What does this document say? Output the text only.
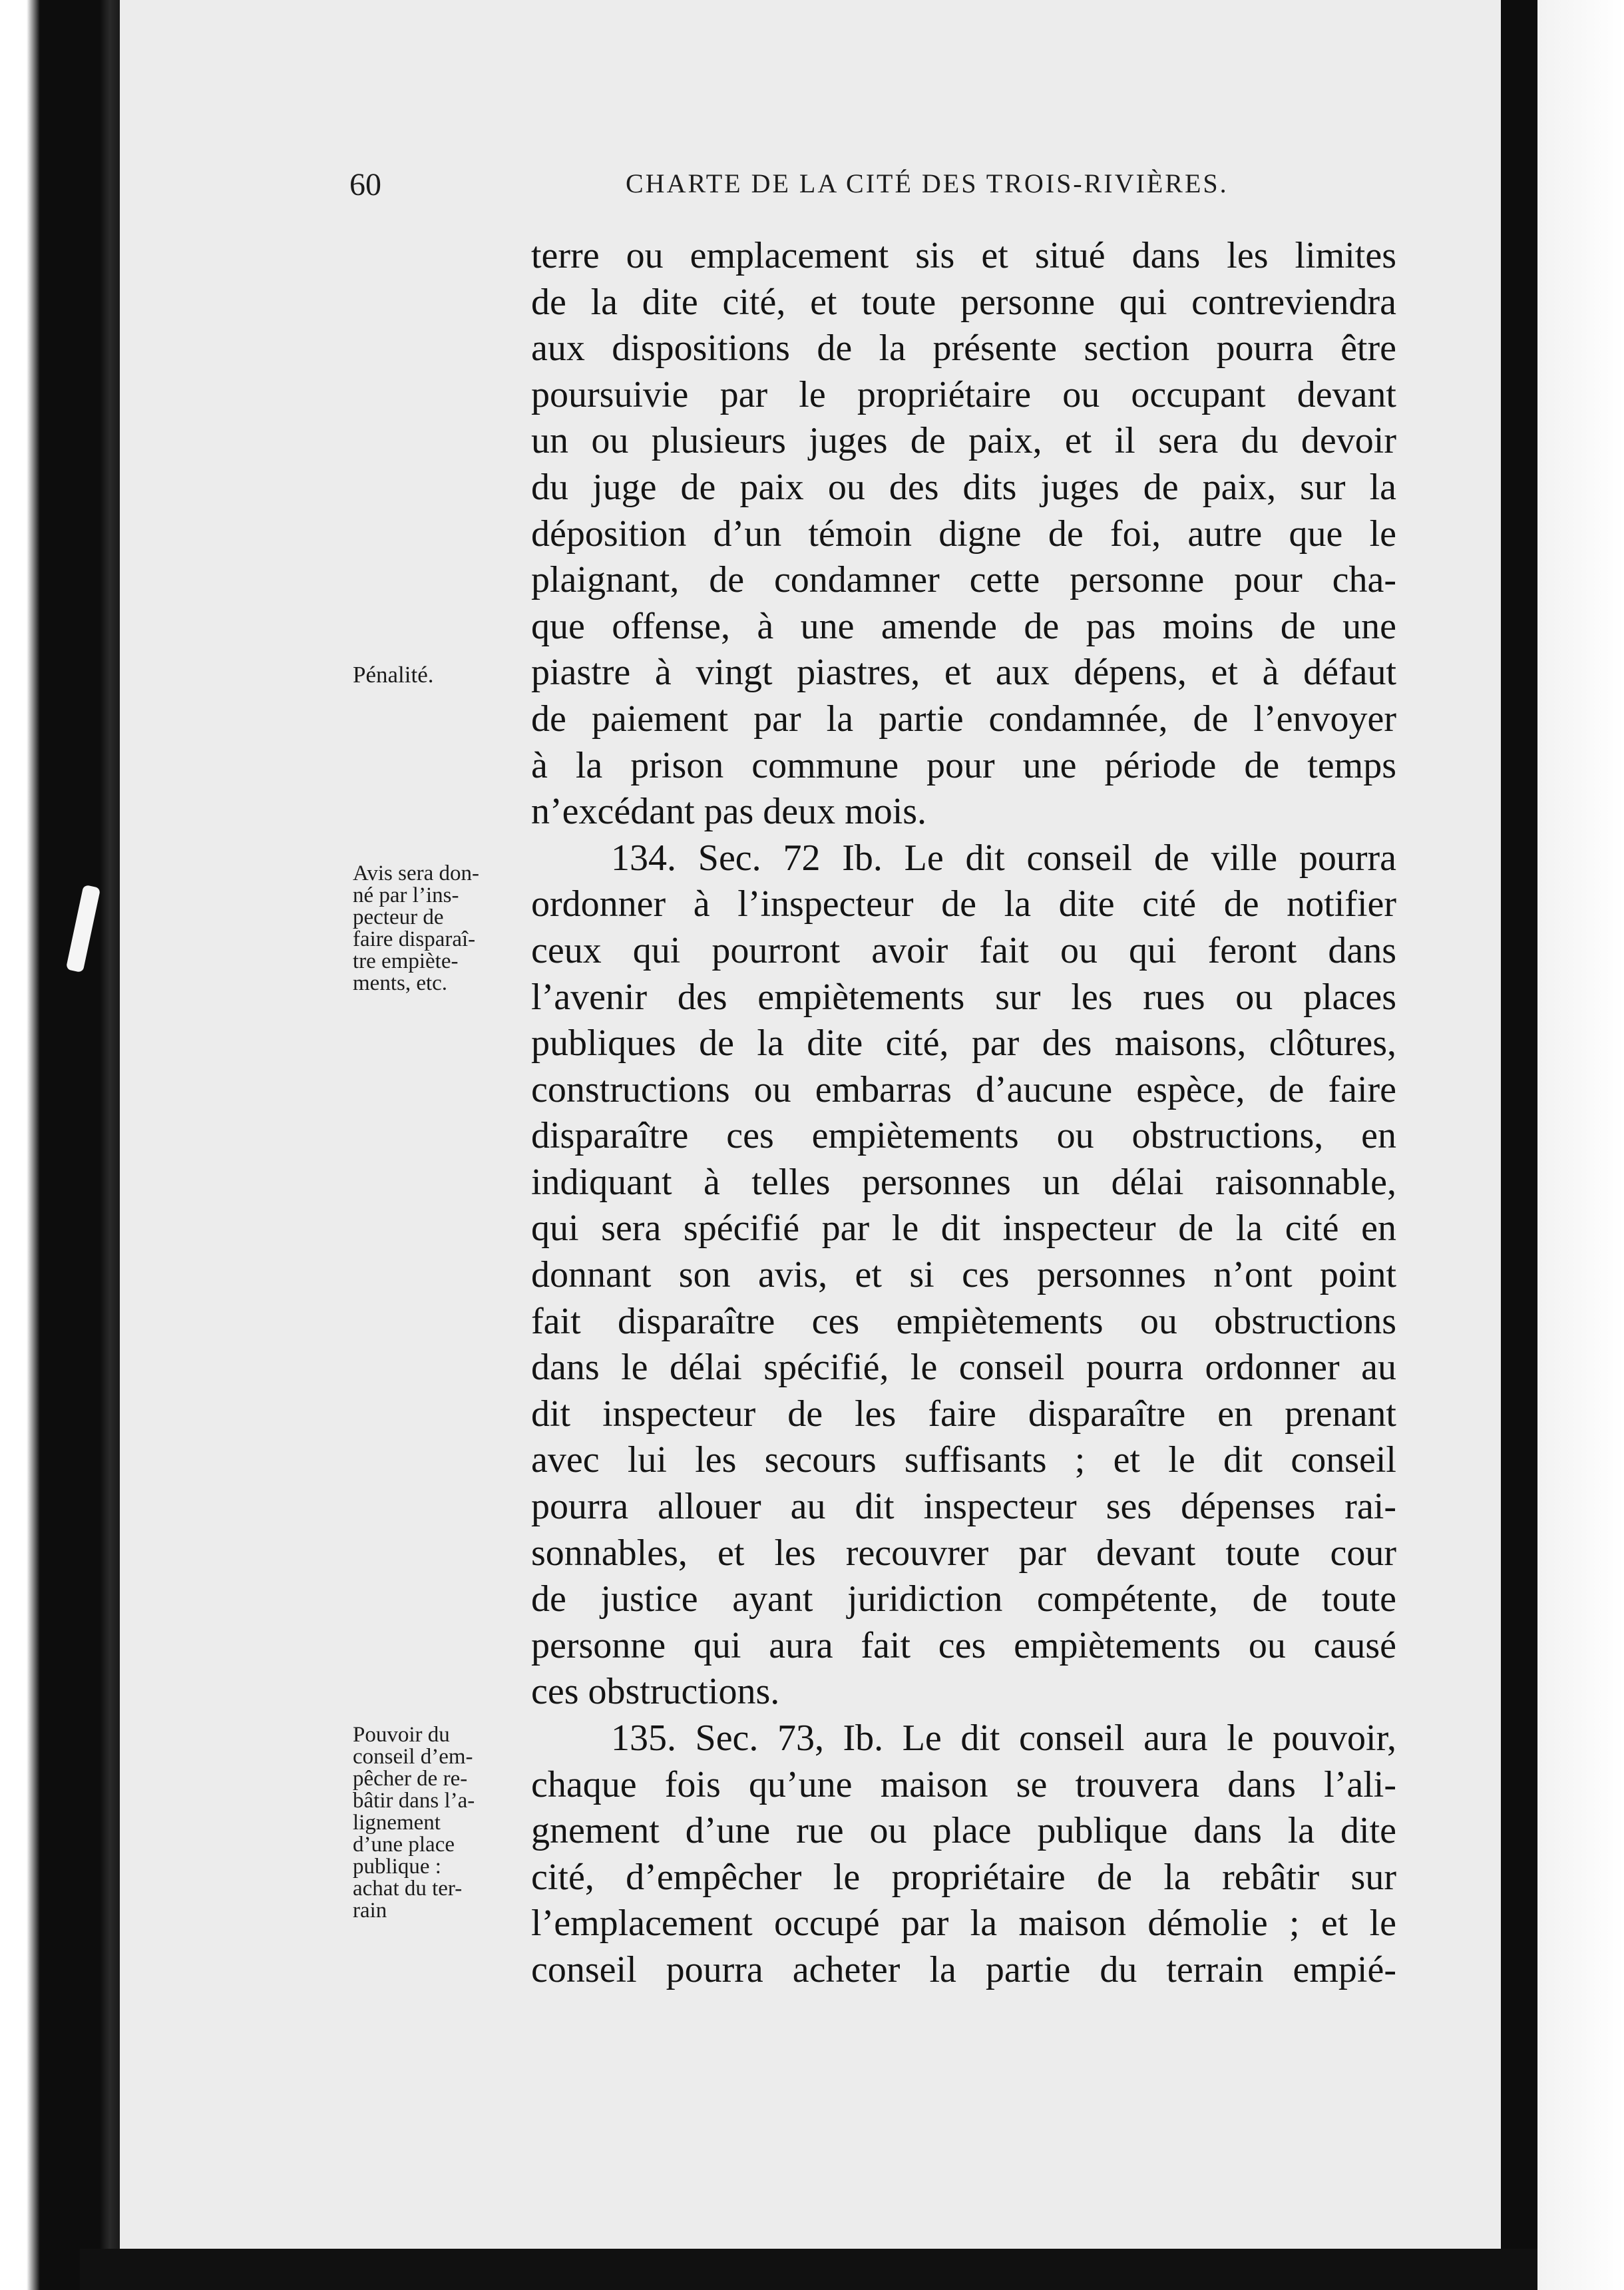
60	CHARTE DE LA CITÉ DES TROIS-RIVIÈRES.
Pénalité.
Avis sera don-
né par l’ins-
pecteur de
faire disparaî-
tre empiète-
ments, etc.
Pouvoir du
conseil d’em-
pêcher de re-
bâtir dans l’a-
lignement
d’une place
publique :
achat du ter-
rain
terre ou emplacement sis et situé dans les limites
de la dite cité, et toute personne qui contreviendra
aux dispositions de la présente section pourra être
poursuivie par le propriétaire ou occupant devant
un ou plusieurs juges de paix, et il sera du devoir
du juge de paix ou des dits juges de paix, sur la
déposition d’un témoin digne de foi, autre que le
plaignant, de condamner cette personne pour cha-
que offense, à une amende de pas moins de une
piastre à vingt piastres, et aux dépens, et à défaut
de paiement par la partie condamnée, de l’envoyer
à la prison commune pour une période de temps
n’excédant pas deux mois.
134. Sec. 72 Ib. Le dit conseil de ville pourra
ordonner à l’inspecteur de la dite cité de notifier
ceux qui pourront avoir fait ou qui feront dans
l’avenir des empiètements sur les rues ou places
publiques de la dite cité, par des maisons, clôtures,
constructions ou embarras d’aucune espèce, de faire
disparaître ces empiètements ou obstructions, en
indiquant à telles personnes un délai raisonnable,
qui sera spécifié par le dit inspecteur de la cité en
donnant son avis, et si ces personnes n’ont point
fait disparaître ces empiètements ou obstructions
dans le délai spécifié, le conseil pourra ordonner au
dit inspecteur de les faire disparaître en prenant
avec lui les secours suffisants ; et le dit conseil
pourra allouer au dit inspecteur ses dépenses rai-
sonnables, et les recouvrer par devant toute cour
de justice ayant juridiction compétente, de toute
personne qui aura fait ces empiètements ou causé
ces obstructions.
135. Sec. 73, Ib. Le dit conseil aura le pouvoir,
chaque fois qu’une maison se trouvera dans l’ali-
gnement d’une rue ou place publique dans la dite
cité, d’empêcher le propriétaire de la rebâtir sur
l’emplacement occupé par la maison démolie ; et le
conseil pourra acheter la partie du terrain empié-
